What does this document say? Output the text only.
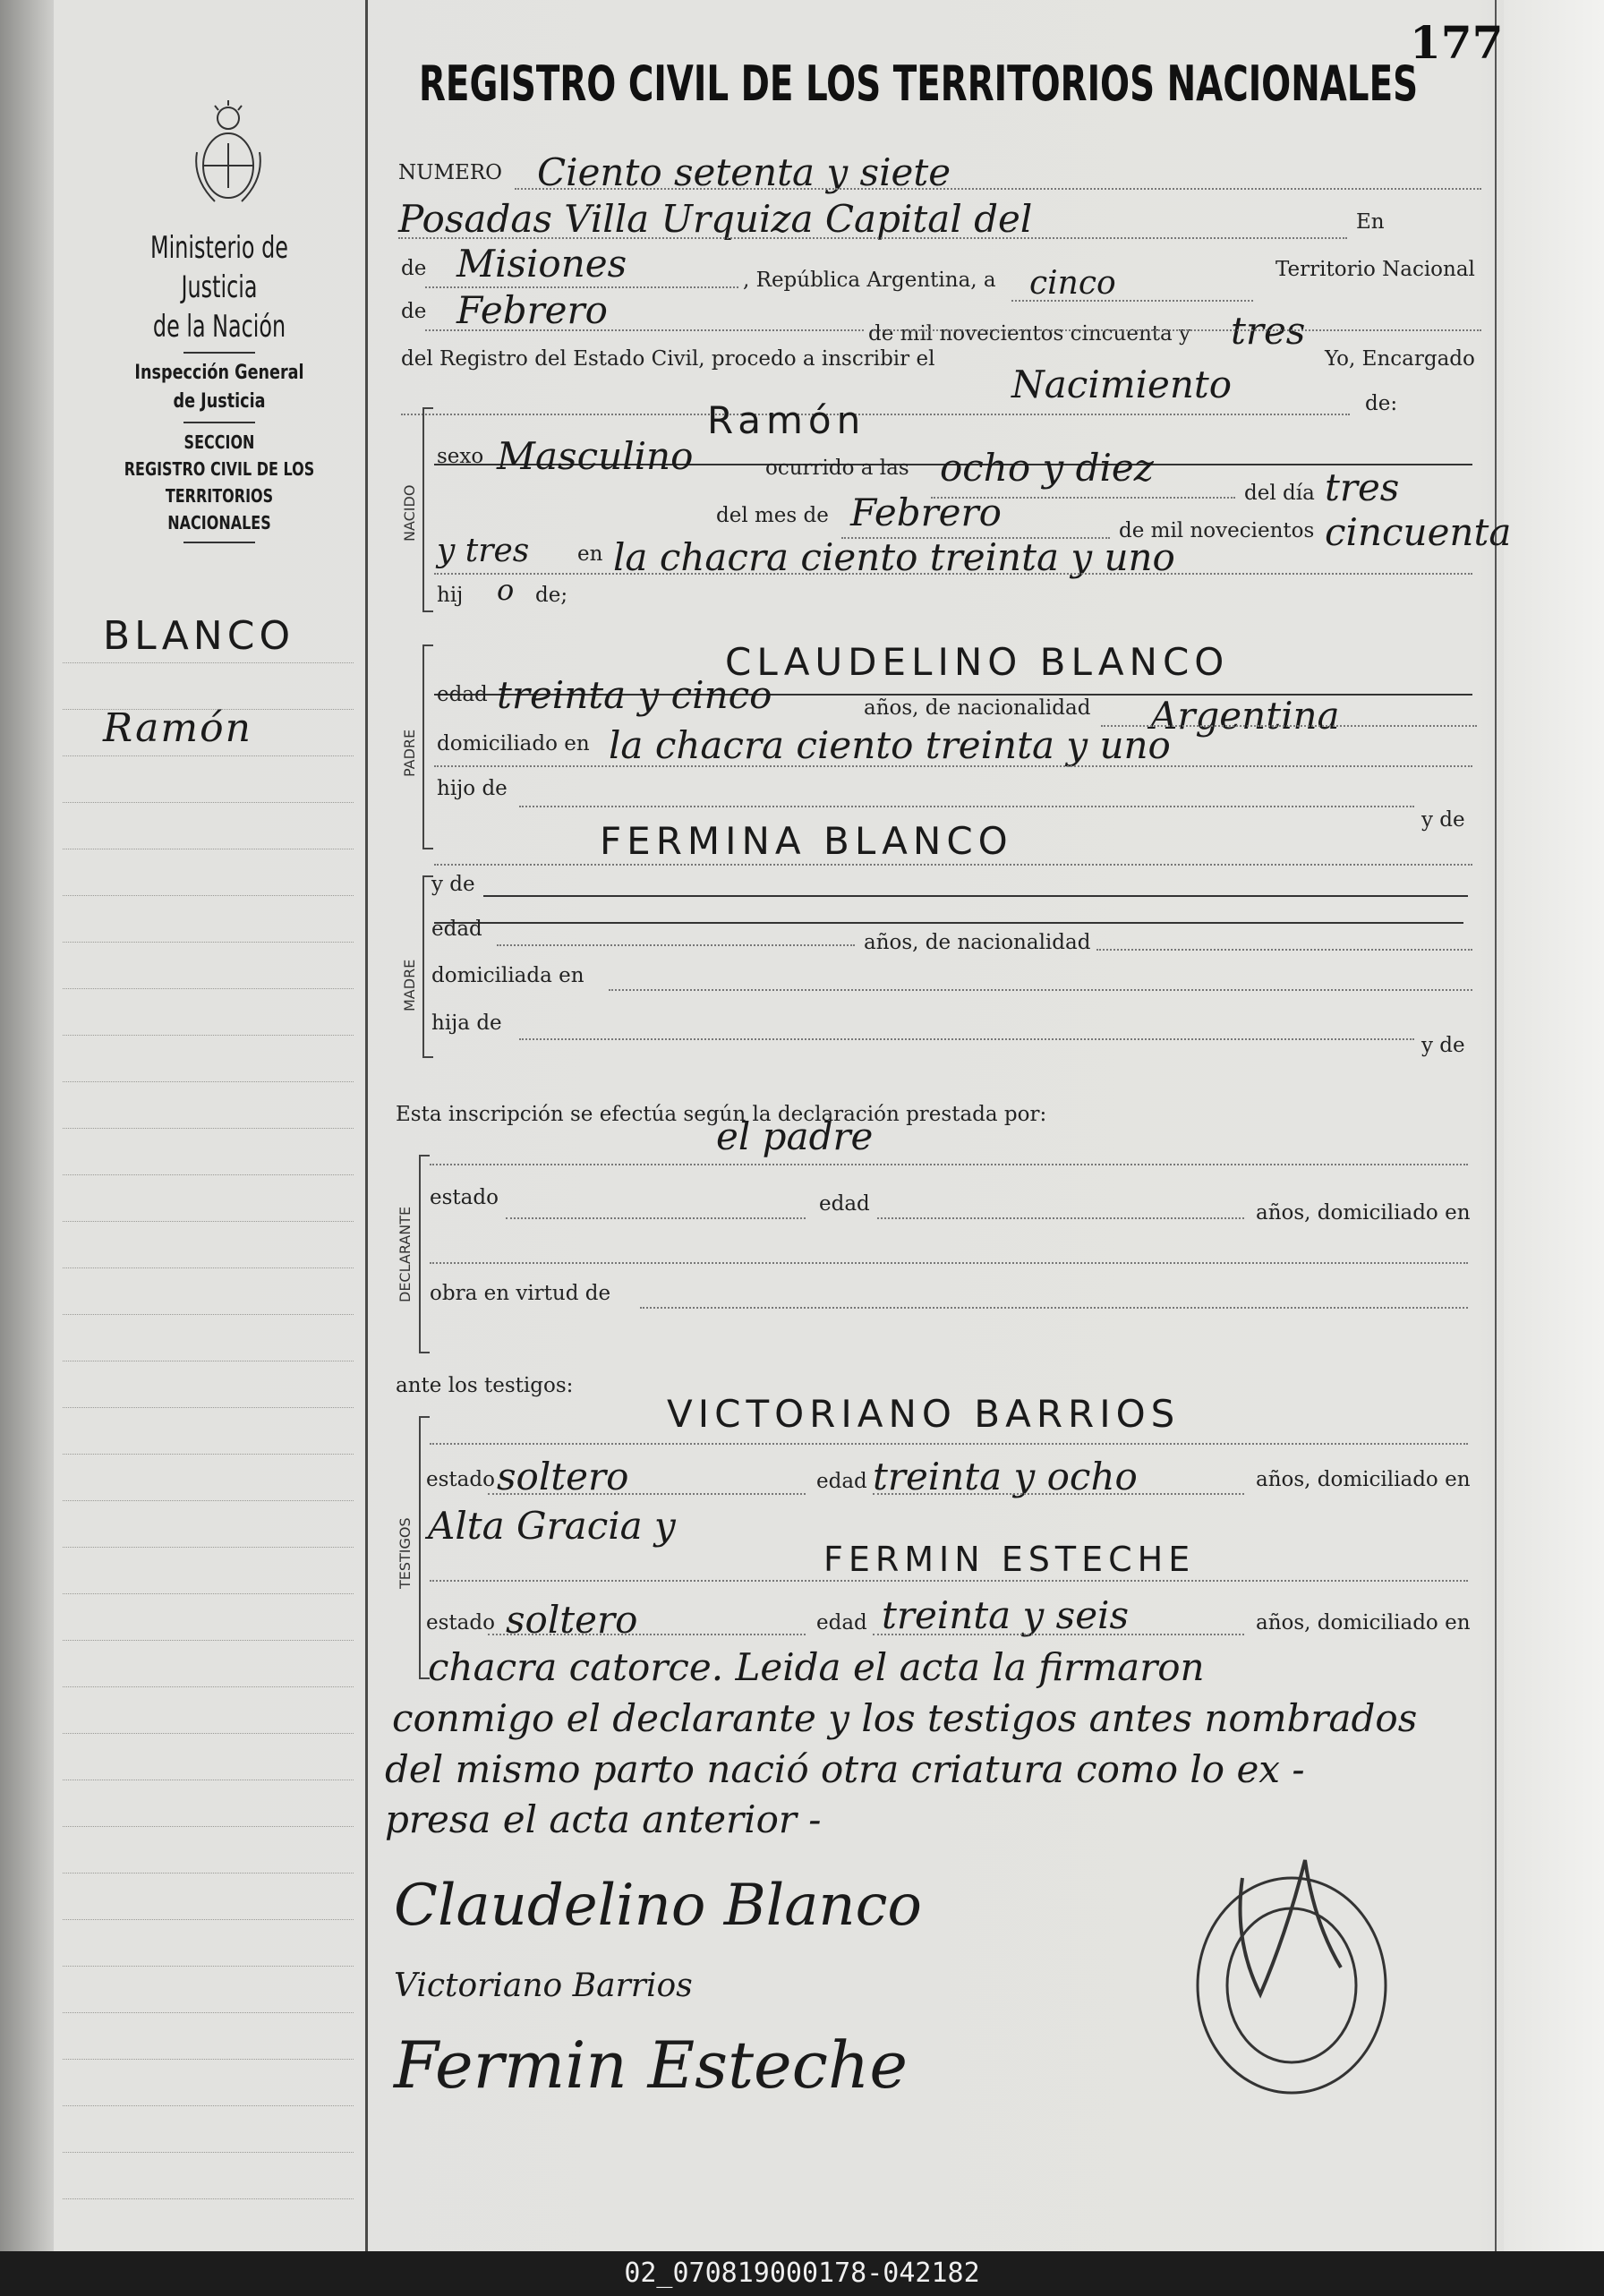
Ministerio de Justicia
de la Nación
Inspección General
de Justicia
SECCION
REGISTRO CIVIL DE LOS
TERRITORIOS NACIONALES
BLANCO
Ramón
177
REGISTRO CIVIL DE LOS TERRITORIOS NACIONALES
NUMERO Ciento setenta y siete
Posadas Villa Urquiza Capital del	En
de Misiones	, República Argentina, a cinco	Territorio Nacional
de Febrero
de mil novecientos cincuenta y tres
del Registro del Estado Civil, procedo a inscribir el
Nacimiento
Yo, Encargado
de:
NACIDO
Ramón
sexo Masculino	ocurrido a las ocho y diez
del día tres
del mes de Febrero	de mil novecientos cincuenta
y tres en la chacra ciento treinta y uno
hij o de;
PADRE
CLAUDELINO BLANCO
edad treinta y cinco	años, de nacionalidad Argentina
domiciliado en la chacra ciento treinta y uno
hijo de
y de
FERMINA BLANCO
MADRE
y de
edad
años, de nacionalidad
domiciliada en
hija de
y de
Esta inscripción se efectúa según la declaración prestada por:
el padre
DECLARANTE
estado	edad	años, domiciliado en
obra en virtud de
ante los testigos:
TESTIGOS
VICTORIANO BARRIOS
estado soltero	edad treinta y ocho	años, domiciliado en
Alta Gracia y
FERMIN ESTECHE
estado soltero	edad treinta y seis	años, domiciliado en
chacra catorce. Leida el acta la firmaron
conmigo el declarante y los testigos antes nombrados
del mismo parto nació otra criatura como lo ex -
presa el acta anterior -
Claudelino Blanco
Victoriano Barrios
Fermin Esteche
02_070819000178-042182
